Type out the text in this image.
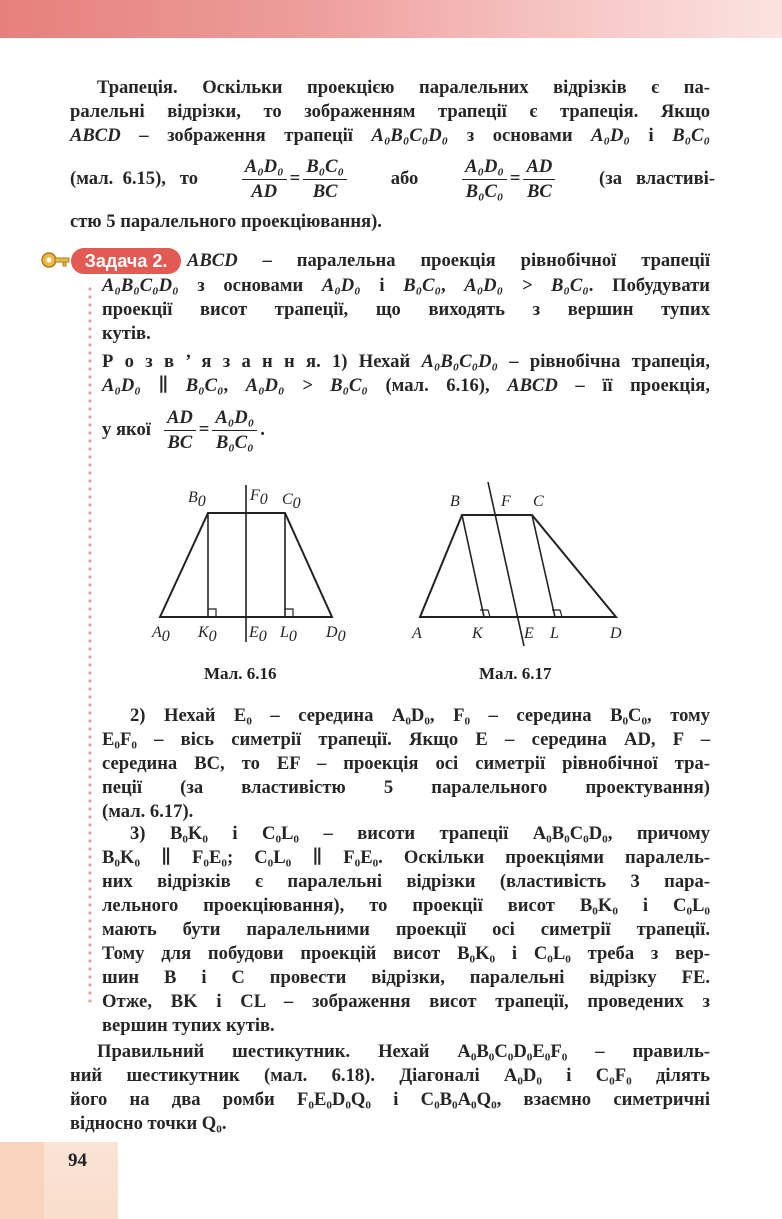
Трапеція. Оскільки проекцією паралельних відрізків є па-

ралельні відрізки, то зображенням трапеції є трапеція. Якщо

ABCD – зображення трапеції A₀B₀C₀D₀ з основами A₀D₀ і B₀C₀

(мал.  6.15),   то $\frac{\text{A₀D₀}}{AD} = \frac{\text{B₀C₀}}{BC}$ або $\frac{\text{A₀D₀}}{\text{B₀C₀}} = \frac{AD}{BC} (за$   властиві-

стю 5 паралельного проекціювання).

Задача 2.	ABCD – паралельна проекція рівнобічної трапеції

A₀B₀C₀D₀ з основами A₀D₀ і B₀C₀, A₀D₀ > B₀C₀. Побудувати

проекції висот трапеції, що виходять з вершин тупих

кутів.

Р о з в ’ я з а н н я. 1) Нехай A₀B₀C₀D₀ – рівнобічна трапеція,

A₀D₀ ∥ B₀C₀, A₀D₀ > B₀C₀ (мал. 6.16), ABCD – її проекція,

у якої $\frac{AD}{BC} = \frac{\text{A₀D₀}}{\text{B₀C₀}}$ .
B0	F0 C0
A0 K0 E0 L0 D0
Мал. 6.16
B	F C
A	K	E L	D
Мал. 6.17

2) Нехай E₀ – середина A₀D₀, F₀ – середина B₀C₀, тому

E₀F₀ – вісь симетрії трапеції. Якщо E – середина AD, F –

середина BC, то EF – проекція осі симетрії рівнобічної тра-

пеції (за властивістю 5 паралельного проектування)

(мал. 6.17).

3) B₀K₀ і C₀L₀ – висоти трапеції A₀B₀C₀D₀, причому

B₀K₀ ∥ F₀E₀; C₀L₀ ∥ F₀E₀. Оскільки проекціями паралель-

них відрізків є паралельні відрізки (властивість 3 пара-

лельного проекціювання), то проекції висот B₀K₀ і C₀L₀

мають бути паралельними проекції осі симетрії трапеції.

Тому для побудови проекцій висот B₀K₀ і C₀L₀ треба з вер-

шин B і C провести відрізки, паралельні відрізку FE.

Отже, BK і CL – зображення висот трапеції, проведених з

вершин тупих кутів.

Правильний шестикутник. Нехай A₀B₀C₀D₀E₀F₀ – правиль-

ний шестикутник (мал. 6.18). Діагоналі A₀D₀ і C₀F₀ ділять

його на два ромби F₀E₀D₀Q₀ і C₀B₀A₀Q₀, взаємно симетричні

відносно точки Q₀.

94
